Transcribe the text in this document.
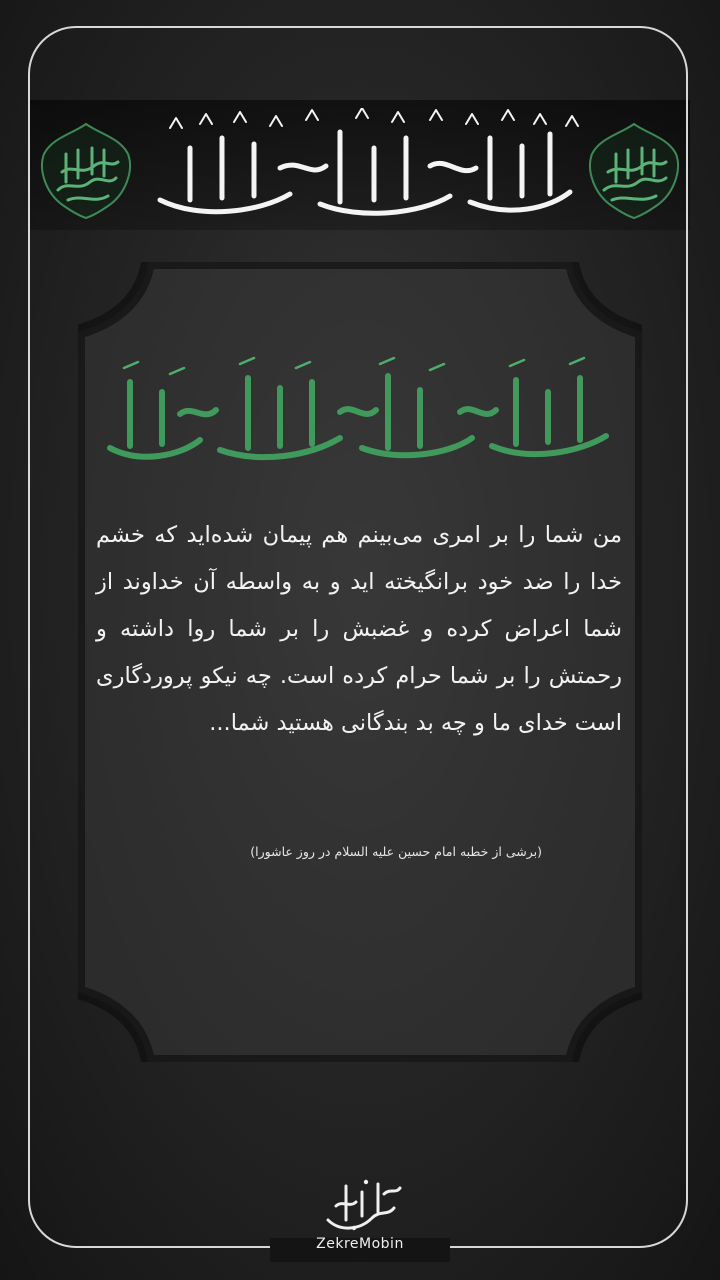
من شما را بر امری می‌بینم هم پیمان شده‌اید که خشم خدا را ضد خود برانگیخته اید و به واسطه آن خداوند از شما اعراض کرده و غضبش را بر شما روا داشته و رحمتش را بر شما حرام کرده است. چه نیکو پروردگاری است خدای ما و چه بد بندگانی هستید شما...
(برشی از خطبه امام حسین علیه السلام در روز عاشورا)
ZekreMobin
